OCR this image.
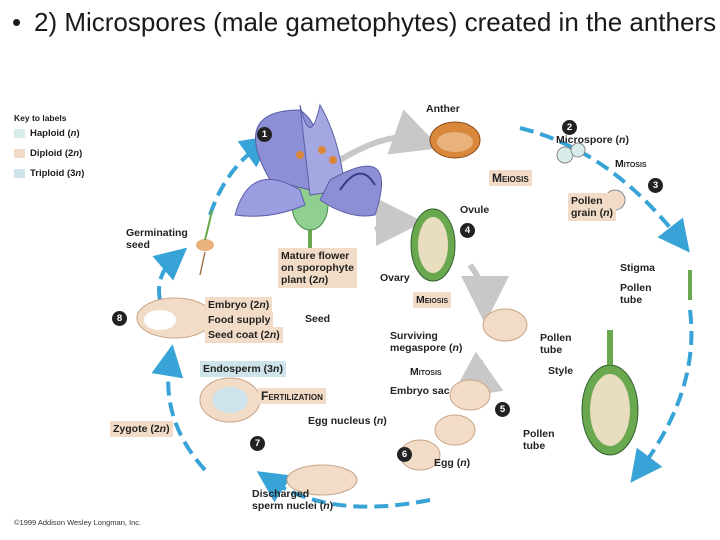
• 2) Microspores (male gametophytes) created in the anthers
Key to labels
Haploid (n)
Diploid (2n)
Triploid (3n)
1
2
3
4
5
6
7
8
Anther
Microspore (n)
Meiosis
Mitosis
Pollen
grain (n)
Ovule
Germinating
seed
Mature flower
on sporophyte
plant (2n)	Ovary
Stigma
Pollen
tube
Meiosis
Embryo (2n)
Food supply
Seed coat (2n)
Seed
Surviving
megaspore (n)
Pollen
tube
Endosperm (3n)	Style
Mitosis
Fertilization	Embryo sac
Egg nucleus (n)
Zygote (2n)	Pollen
tube
Egg (n)
Discharged
sperm nuclei (n)
©1999 Addison Wesley Longman, Inc.
